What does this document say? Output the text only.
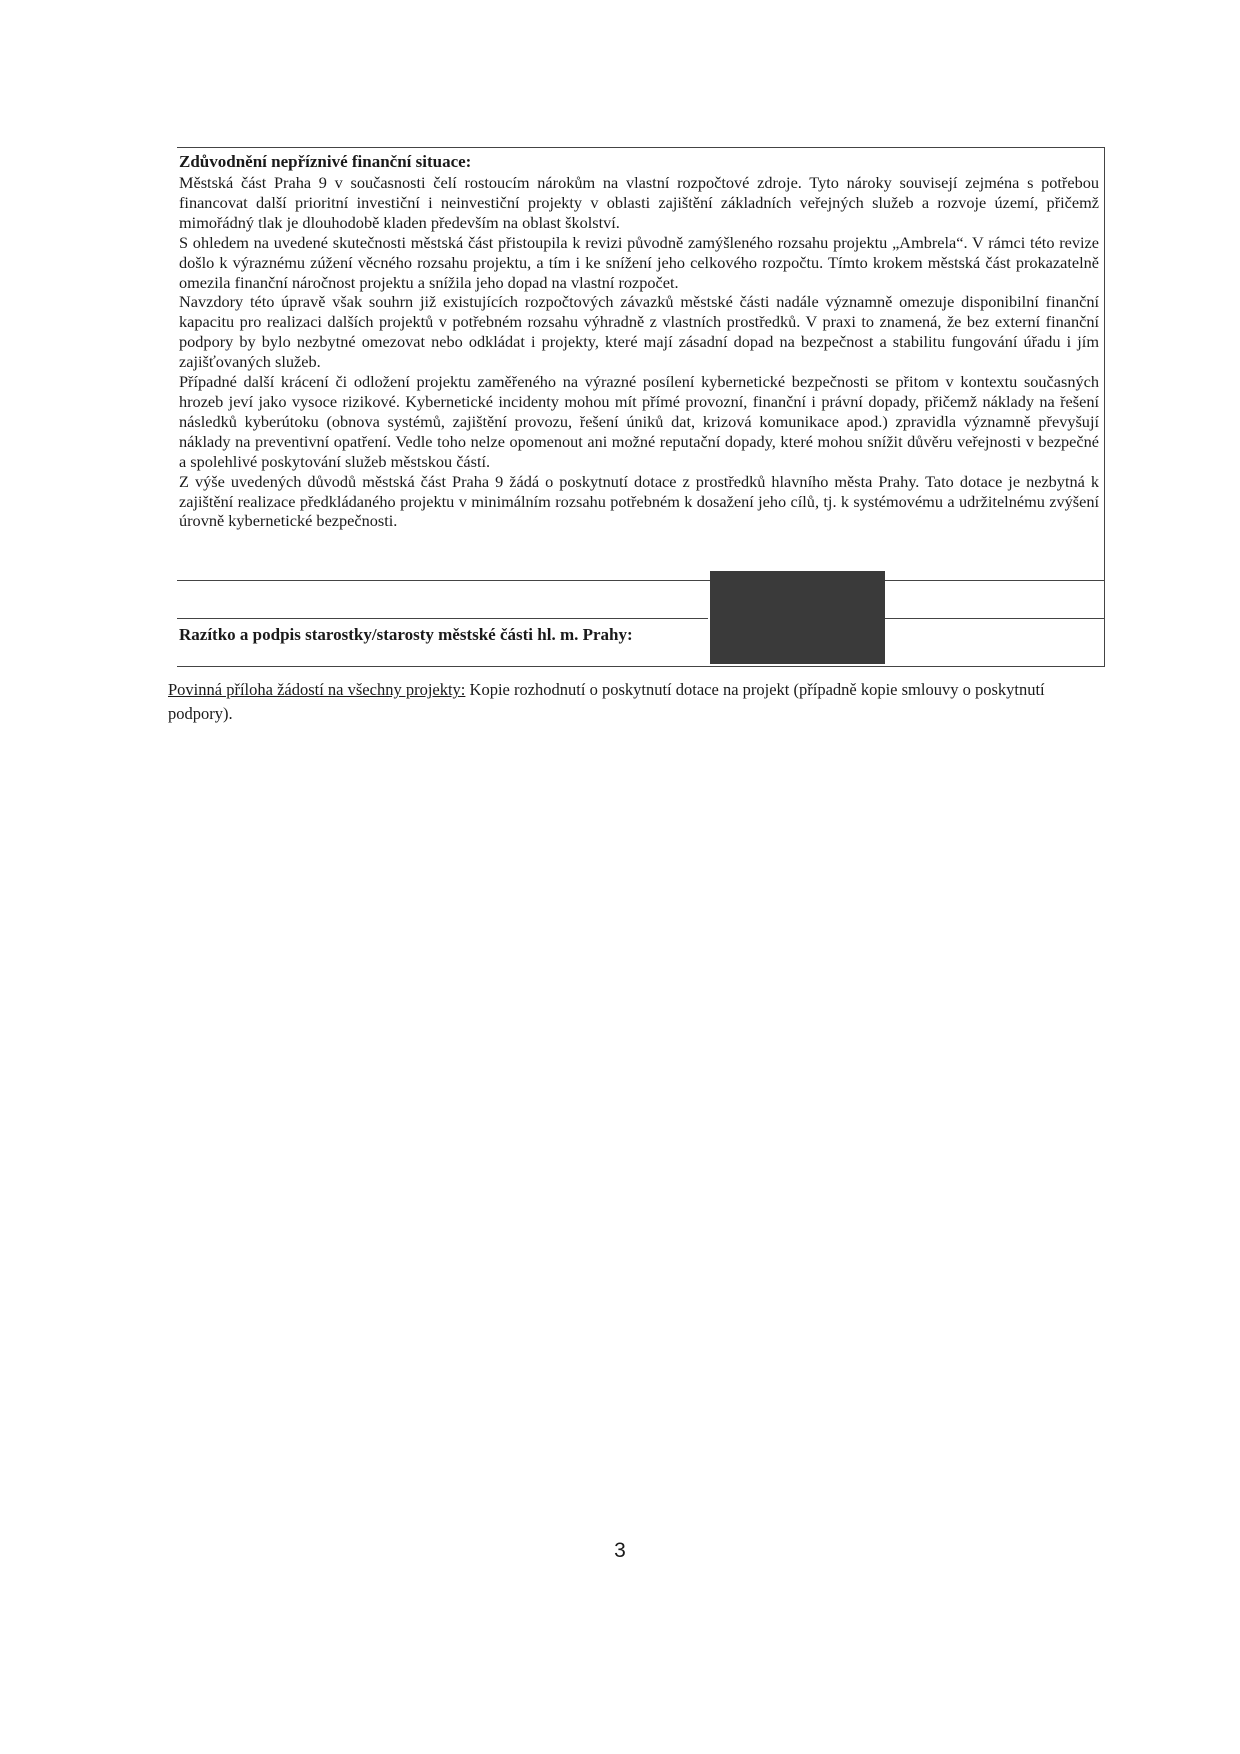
Zdůvodnění nepříznivé finanční situace:

Městská část Praha 9 v současnosti čelí rostoucím nárokům na vlastní rozpočtové zdroje. Tyto nároky souvisejí zejména s potřebou financovat další prioritní investiční i neinvestiční projekty v oblasti zajištění základních veřejných služeb a rozvoje území, přičemž mimořádný tlak je dlouhodobě kladen především na oblast školství.

S ohledem na uvedené skutečnosti městská část přistoupila k revizi původně zamýšleného rozsahu projektu „Ambrela“. V rámci této revize došlo k výraznému zúžení věcného rozsahu projektu, a tím i ke snížení jeho celkového rozpočtu. Tímto krokem městská část prokazatelně omezila finanční náročnost projektu a snížila jeho dopad na vlastní rozpočet.

Navzdory této úpravě však souhrn již existujících rozpočtových závazků městské části nadále významně omezuje disponibilní finanční kapacitu pro realizaci dalších projektů v potřebném rozsahu výhradně z vlastních prostředků. V praxi to znamená, že bez externí finanční podpory by bylo nezbytné omezovat nebo odkládat i projekty, které mají zásadní dopad na bezpečnost a stabilitu fungování úřadu i jím zajišťovaných služeb.

Případné další krácení či odložení projektu zaměřeného na výrazné posílení kybernetické bezpečnosti se přitom v kontextu současných hrozeb jeví jako vysoce rizikové. Kybernetické incidenty mohou mít přímé provozní, finanční i právní dopady, přičemž náklady na řešení následků kyberútoku (obnova systémů, zajištění provozu, řešení úniků dat, krizová komunikace apod.) zpravidla významně převyšují náklady na preventivní opatření. Vedle toho nelze opomenout ani možné reputační dopady, které mohou snížit důvěru veřejnosti v bezpečné a spolehlivé poskytování služeb městskou částí.

Z výše uvedených důvodů městská část Praha 9 žádá o poskytnutí dotace z prostředků hlavního města Prahy. Tato dotace je nezbytná k zajištění realizace předkládaného projektu v minimálním rozsahu potřebném k dosažení jeho cílů, tj. k systémovému a udržitelnému zvýšení úrovně kybernetické bezpečnosti.

Razítko a podpis starostky/starosty městské části hl. m. Prahy:
Povinná příloha žádostí na všechny projekty: Kopie rozhodnutí o poskytnutí dotace na projekt (případně kopie smlouvy o poskytnutí podpory).
3
